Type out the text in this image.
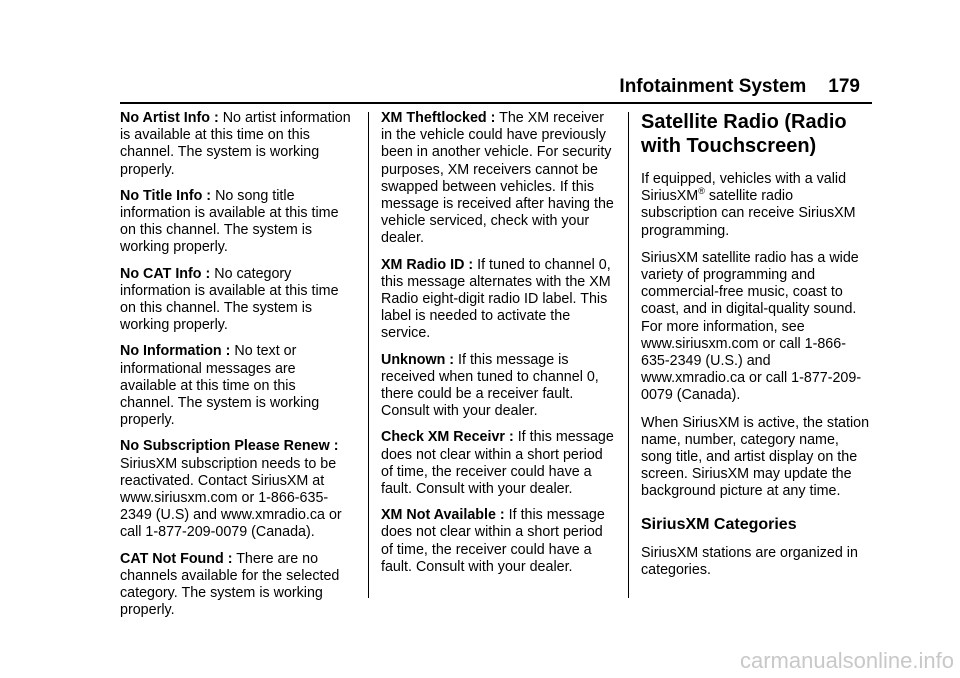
Infotainment System 179
No Artist Info : No artist information is available at this time on this channel. The system is working properly.
No Title Info : No song title information is available at this time on this channel. The system is working properly.
No CAT Info : No category information is available at this time on this channel. The system is working properly.
No Information : No text or informational messages are available at this time on this channel. The system is working properly.
No Subscription Please Renew : SiriusXM subscription needs to be reactivated. Contact SiriusXM at www.siriusxm.com or 1-866-635-2349 (U.S) and www.xmradio.ca or call 1-877-209-0079 (Canada).
CAT Not Found : There are no channels available for the selected category. The system is working properly.
XM Theftlocked : The XM receiver in the vehicle could have previously been in another vehicle. For security purposes, XM receivers cannot be swapped between vehicles. If this message is received after having the vehicle serviced, check with your dealer.
XM Radio ID : If tuned to channel 0, this message alternates with the XM Radio eight-digit radio ID label. This label is needed to activate the service.
Unknown : If this message is received when tuned to channel 0, there could be a receiver fault. Consult with your dealer.
Check XM Receivr : If this message does not clear within a short period of time, the receiver could have a fault. Consult with your dealer.
XM Not Available : If this message does not clear within a short period of time, the receiver could have a fault. Consult with your dealer.
Satellite Radio (Radio
with Touchscreen)
If equipped, vehicles with a valid SiriusXM® satellite radio subscription can receive SiriusXM programming.
SiriusXM satellite radio has a wide variety of programming and commercial-free music, coast to coast, and in digital-quality sound. For more information, see www.siriusxm.com or call 1-866-635-2349 (U.S.) and www.xmradio.ca or call 1-877-209-0079 (Canada).
When SiriusXM is active, the station name, number, category name, song title, and artist display on the screen. SiriusXM may update the background picture at any time.
SiriusXM Categories
SiriusXM stations are organized in categories.
carmanualsonline.info
